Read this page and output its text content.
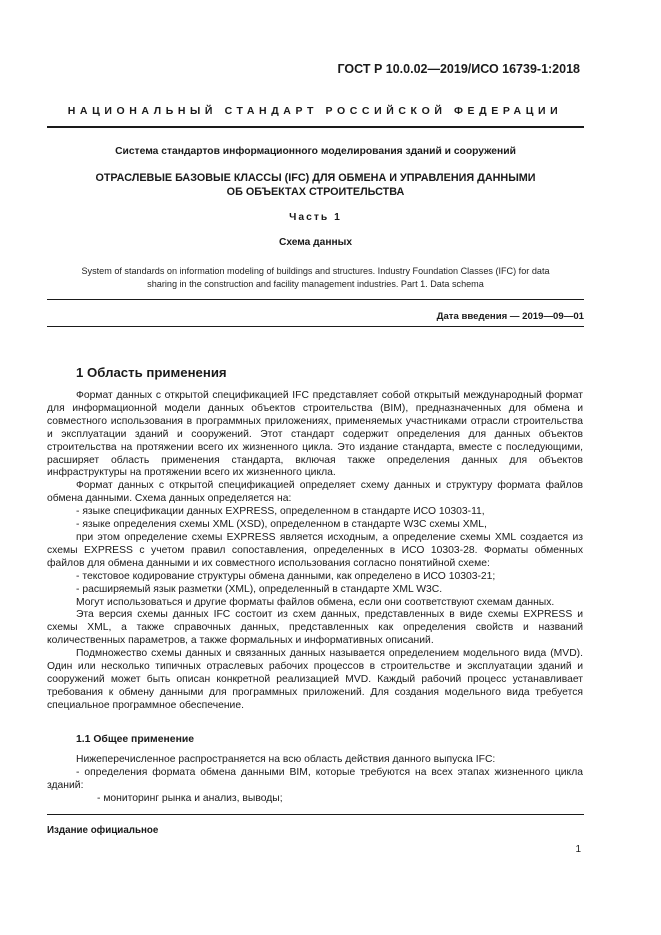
ГОСТ Р 10.0.02—2019/ИСО 16739-1:2018
НАЦИОНАЛЬНЫЙ СТАНДАРТ РОССИЙСКОЙ ФЕДЕРАЦИИ
Система стандартов информационного моделирования зданий и сооружений
ОТРАСЛЕВЫЕ БАЗОВЫЕ КЛАССЫ (IFC) ДЛЯ ОБМЕНА И УПРАВЛЕНИЯ ДАННЫМИ
ОБ ОБЪЕКТАХ СТРОИТЕЛЬСТВА
Часть 1
Схема данных
System of standards on information modeling of buildings and structures. Industry Foundation Classes (IFC) for data
sharing in the construction and facility management industries. Part 1. Data schema
Дата введения — 2019—09—01
1 Область применения

Формат данных с открытой спецификацией IFC представляет собой открытый международный формат для информационной модели данных объектов строительства (BIM), предназначенных для обмена и совместного использования в программных приложениях, применяемых участниками отрасли строительства и эксплуатации зданий и сооружений. Этот стандарт содержит определения для данных объектов строительства на протяжении всего их жизненного цикла. Это издание стандарта, вместе с последующими, расширяет область применения стандарта, включая также определения данных для объектов инфраструктуры на протяжении всего их жизненного цикла.

Формат данных с открытой спецификацией определяет схему данных и структуру формата файлов обмена данными. Схема данных определяется на:

- языке спецификации данных EXPRESS, определенном в стандарте ИСО 10303-11,

- языке определения схемы XML (XSD), определенном в стандарте W3C схемы XML,

при этом определение схемы EXPRESS является исходным, а определение схемы XML создается из схемы EXPRESS с учетом правил сопоставления, определенных в ИСО 10303-28. Форматы обменных файлов для обмена данными и их совместного использования согласно понятийной схеме:

- текстовое кодирование структуры обмена данными, как определено в ИСО 10303-21;

- расширяемый язык разметки (XML), определенный в стандарте XML W3C.

Могут использоваться и другие форматы файлов обмена, если они соответствуют схемам данных.

Эта версия схемы данных IFC состоит из схем данных, представленных в виде схемы EXPRESS и схемы XML, а также справочных данных, представленных как определения свойств и названий количественных параметров, а также формальных и информативных описаний.

Подмножество схемы данных и связанных данных называется определением модельного вида (MVD). Один или несколько типичных отраслевых рабочих процессов в строительстве и эксплуатации зданий и сооружений может быть описан конкретной реализацией MVD. Каждый рабочий процесс устанавливает требования к обмену данными для программных приложений. Для создания модельного вида требуется специальное программное обеспечение.

1.1 Общее применение

Нижеперечисленное распространяется на всю область действия данного выпуска IFC:

- определения формата обмена данными BIM, которые требуются на всех этапах жизненного цикла зданий:

- мониторинг рынка и анализ, выводы;

Издание официальное
1
